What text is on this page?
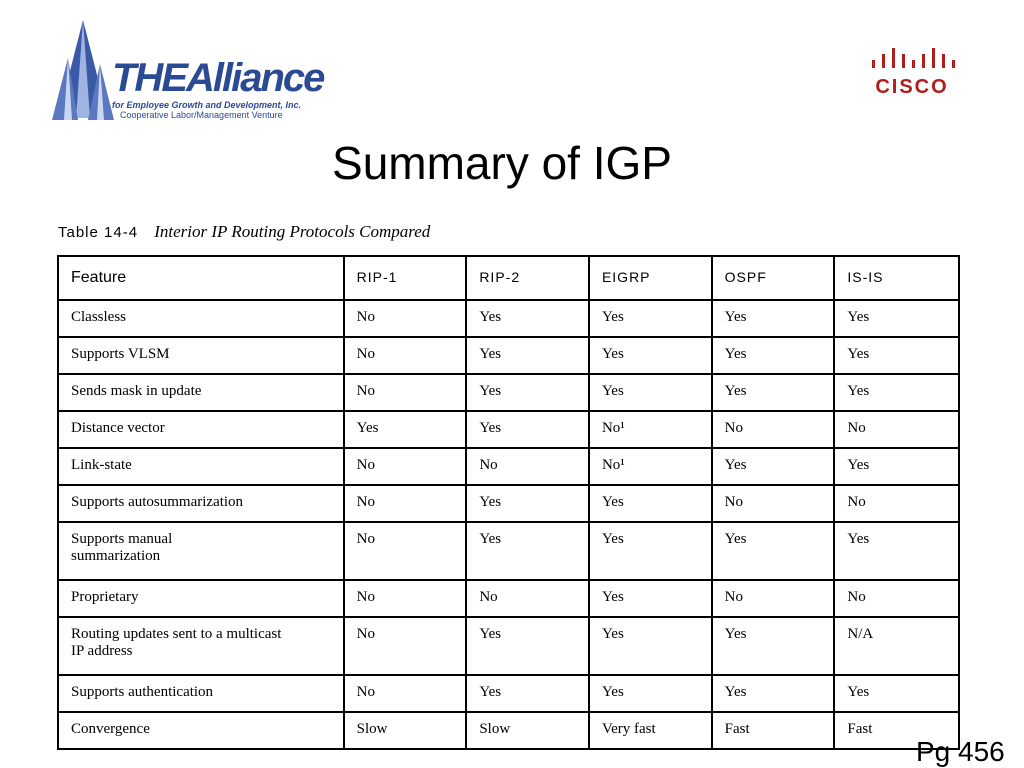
THEAlliance
for Employee Growth and Development, Inc.
Cooperative Labor/Management Venture
CISCO
Summary of IGP
Table 14-4 Interior IP Routing Protocols Compared
Feature	RIP-1	RIP-2	EIGRP	OSPF	IS-IS
Classless	No	Yes	Yes	Yes	Yes
Supports VLSM	No	Yes	Yes	Yes	Yes
Sends mask in update	No	Yes	Yes	Yes	Yes
Distance vector	Yes	Yes	No¹	No	No
Link-state	No	No	No¹	Yes	Yes
Supports autosummarization	No	Yes	Yes	No	No
Supports manual summarization	No	Yes	Yes	Yes	Yes
Proprietary	No	No	Yes	No	No
Routing updates sent to a multicast IP address	No	Yes	Yes	Yes	N/A
Supports authentication	No	Yes	Yes	Yes	Yes
Convergence	Slow	Slow	Very fast	Fast	Fast
Pg 456
